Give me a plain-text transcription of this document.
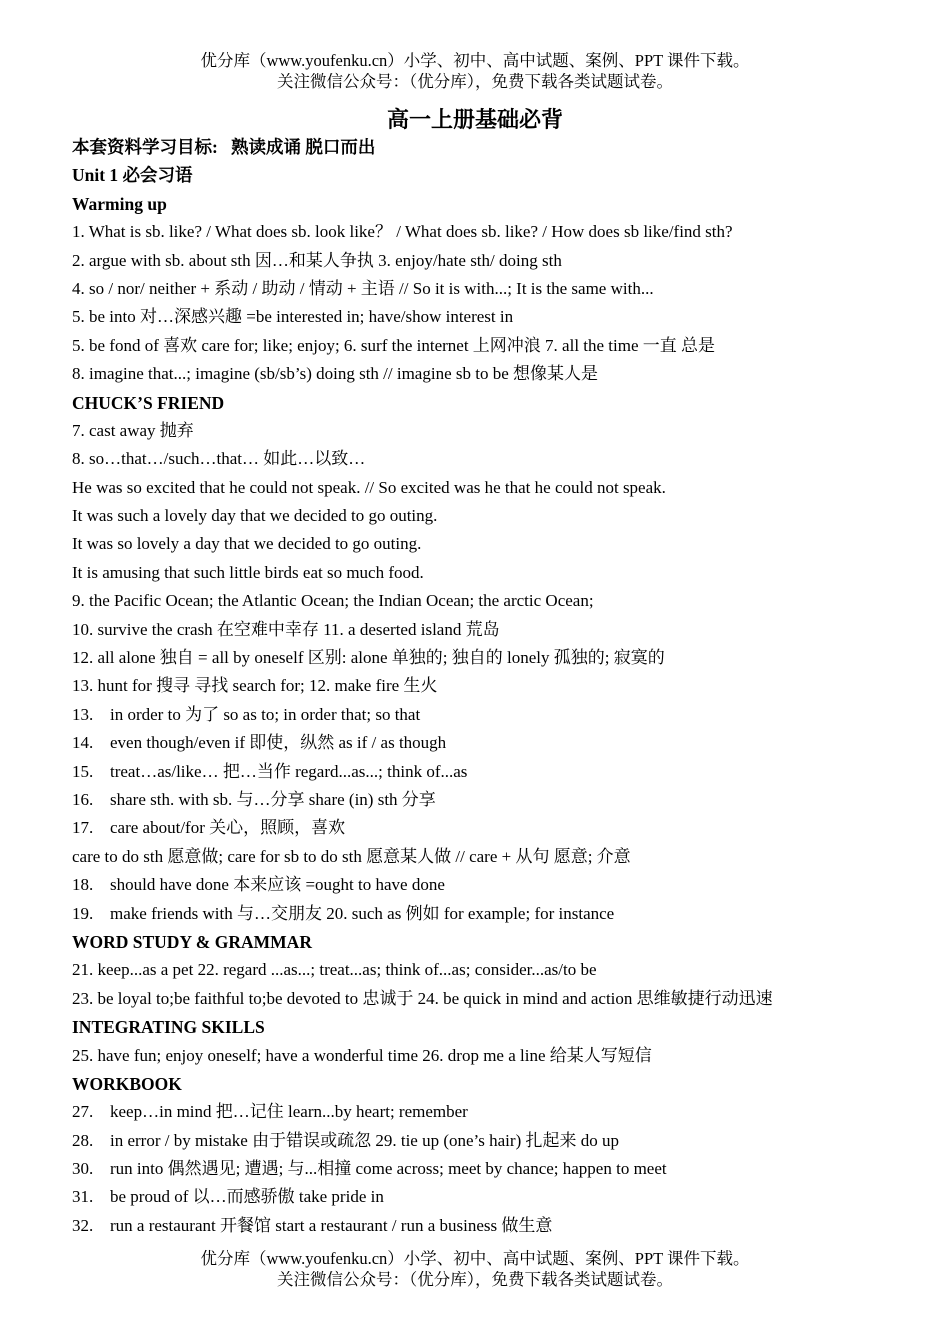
优分库（www.youfenku.cn）小学、初中、高中试题、案例、PPT 课件下载。
关注微信公众号：（优分库），免费下载各类试题试卷。
高一上册基础必背
本套资料学习目标: 熟读成诵 脱口而出
Unit 1 必会习语
Warming up
1. What is sb. like? / What does sb. look like？ / What does sb. like? / How does sb like/find sth?
2. argue with sb. about sth 因…和某人争执 3. enjoy/hate sth/ doing sth
4. so / nor/ neither + 系动 / 助动 / 情动 + 主语 // So it is with...; It is the same with...
5. be into 对…深感兴趣 =be interested in; have/show interest in
5. be fond of 喜欢 care for; like; enjoy; 6. surf the internet 上网冲浪 7. all the time 一直 总是
8. imagine that...; imagine (sb/sb’s) doing sth // imagine sb to be 想像某人是
CHUCK’S FRIEND
7. cast away 抛弃
8. so…that…/such…that… 如此…以致…
He was so excited that he could not speak. // So excited was he that he could not speak.
It was such a lovely day that we decided to go outing.
It was so lovely a day that we decided to go outing.
It is amusing that such little birds eat so much food.
9. the Pacific Ocean; the Atlantic Ocean; the Indian Ocean; the arctic Ocean;
10. survive the crash 在空难中幸存 11. a deserted island 荒岛
12. all alone 独自 = all by oneself 区别: alone 单独的; 独自的 lonely 孤独的; 寂寞的
13. hunt for 搜寻 寻找 search for; 12. make fire 生火
13. in order to 为了 so as to; in order that; so that
14. even though/even if 即使，纵然 as if / as though
15. treat…as/like… 把…当作 regard...as...; think of...as
16. share sth. with sb. 与…分享 share (in) sth 分享
17. care about/for 关心，照顾，喜欢
care to do sth 愿意做; care for sb to do sth 愿意某人做 // care + 从句 愿意; 介意
18. should have done 本来应该 =ought to have done
19. make friends with 与…交朋友 20. such as 例如 for example; for instance
WORD STUDY & GRAMMAR
21. keep...as a pet 22. regard ...as...; treat...as; think of...as; consider...as/to be
23. be loyal to;be faithful to;be devoted to 忠诚于 24. be quick in mind and action 思维敏捷行动迅速
INTEGRATING SKILLS
25. have fun; enjoy oneself; have a wonderful time 26. drop me a line 给某人写短信
WORKBOOK
27. keep…in mind 把…记住 learn...by heart; remember
28. in error / by mistake 由于错误或疏忽 29. tie up (one’s hair) 扎起来 do up
30. run into 偶然遇见; 遭遇; 与...相撞 come across; meet by chance; happen to meet
31. be proud of 以…而感骄傲 take pride in
32. run a restaurant 开餐馆 start a restaurant / run a business 做生意
优分库（www.youfenku.cn）小学、初中、高中试题、案例、PPT 课件下载。
关注微信公众号：（优分库），免费下载各类试题试卷。
